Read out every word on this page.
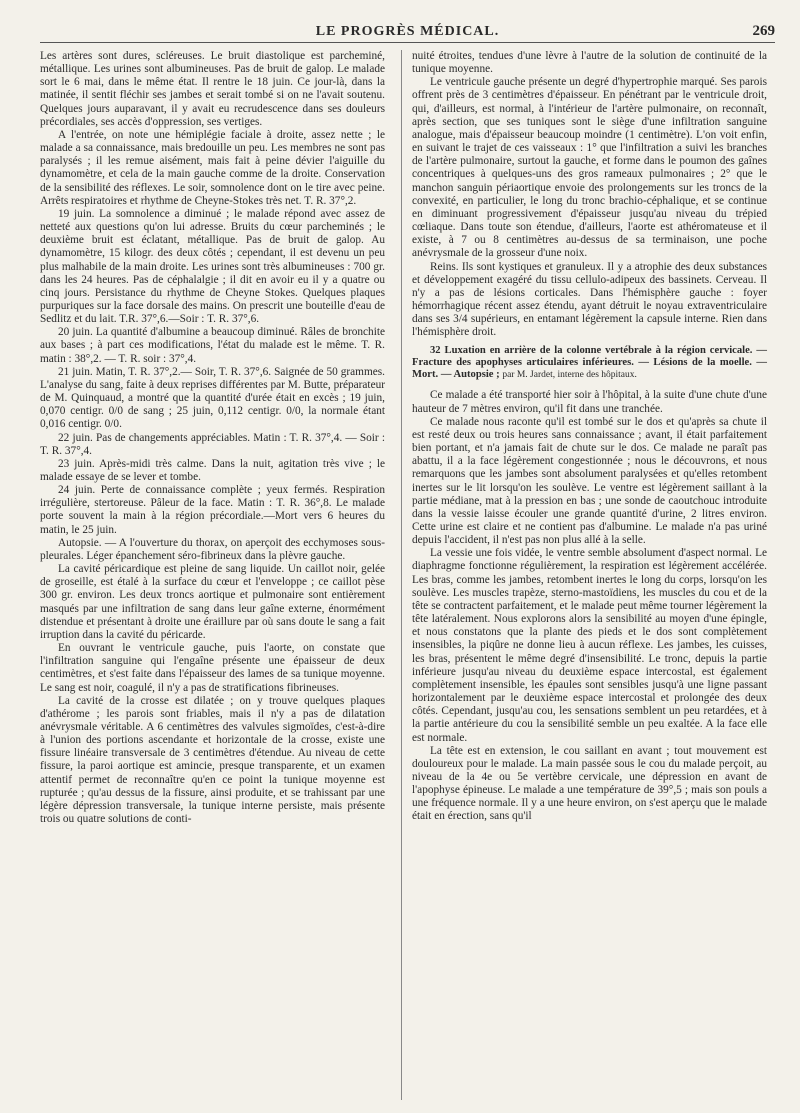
LE PROGRÈS MÉDICAL.	269

Les artères sont dures, scléreuses. Le bruit diastolique est parcheminé, métallique. Les urines sont albumineuses. Pas de bruit de galop. Le malade sort le 6 mai, dans le même état. Il rentre le 18 juin. Ce jour-là, dans la matinée, il sentit fléchir ses jambes et serait tombé si on ne l'avait soutenu. Quelques jours auparavant, il y avait eu recrudescence dans ses douleurs précordiales, ses accès d'oppression, ses vertiges.

A l'entrée, on note une hémiplégie faciale à droite, assez nette ; le malade a sa connaissance, mais bredouille un peu. Les membres ne sont pas paralysés ; il les remue aisément, mais fait à peine dévier l'aiguille du dynamomètre, et cela de la main gauche comme de la droite. Conservation de la sensibilité des réflexes. Le soir, somnolence dont on le tire avec peine. Arrêts respiratoires et rhythme de Cheyne-Stokes très net. T. R. 37°,2.

19 juin. La somnolence a diminué ; le malade répond avec assez de netteté aux questions qu'on lui adresse. Bruits du cœur parcheminés ; le deuxième bruit est éclatant, métallique. Pas de bruit de galop. Au dynamomètre, 15 kilogr. des deux côtés ; cependant, il est devenu un peu plus malhabile de la main droite. Les urines sont très albumineuses : 700 gr. dans les 24 heures. Pas de céphalalgie ; il dit en avoir eu il y a quatre ou cinq jours. Persistance du rhythme de Cheyne Stokes. Quelques plaques purpuriques sur la face dorsale des mains. On prescrit une bouteille d'eau de Sedlitz et du lait. T.R. 37°,6.—Soir : T. R. 37°,6.

20 juin. La quantité d'albumine a beaucoup diminué. Râles de bronchite aux bases ; à part ces modifications, l'état du malade est le même. T. R. matin : 38°,2. — T. R. soir : 37°,4.

21 juin. Matin, T. R. 37°,2.— Soir, T. R. 37°,6. Saignée de 50 grammes. L'analyse du sang, faite à deux reprises différentes par M. Butte, préparateur de M. Quinquaud, a montré que la quantité d'urée était en excès ; 19 juin, 0,070 centigr. 0/0 de sang ; 25 juin, 0,112 centigr. 0/0, la normale étant 0,016 centigr. 0/0.

22 juin. Pas de changements appréciables. Matin : T. R. 37°,4. — Soir : T. R. 37°,4.

23 juin. Après-midi très calme. Dans la nuit, agitation très vive ; le malade essaye de se lever et tombe.

24 juin. Perte de connaissance complète ; yeux fermés. Respiration irrégulière, stertoreuse. Pâleur de la face. Matin : T. R. 36°,8. Le malade porte souvent la main à la région précordiale.—Mort vers 6 heures du matin, le 25 juin.

Autopsie. — A l'ouverture du thorax, on aperçoit des ecchymoses sous-pleurales. Léger épanchement séro-fibrineux dans la plèvre gauche.

La cavité péricardique est pleine de sang liquide. Un caillot noir, gelée de groseille, est étalé à la surface du cœur et l'enveloppe ; ce caillot pèse 300 gr. environ. Les deux troncs aortique et pulmonaire sont entièrement masqués par une infiltration de sang dans leur gaîne externe, énormément distendue et présentant à droite une éraillure par où sans doute le sang a fait irruption dans la cavité du péricarde.

En ouvrant le ventricule gauche, puis l'aorte, on constate que l'infiltration sanguine qui l'engaîne présente une épaisseur de deux centimètres, et s'est faite dans l'épaisseur des lames de sa tunique moyenne. Le sang est noir, coagulé, il n'y a pas de stratifications fibrineuses.

La cavité de la crosse est dilatée ; on y trouve quelques plaques d'athérome ; les parois sont friables, mais il n'y a pas de dilatation anévrysmale véritable. A 6 centimètres des valvules sigmoïdes, c'est-à-dire à l'union des portions ascendante et horizontale de la crosse, existe une fissure linéaire transversale de 3 centimètres d'étendue. Au niveau de cette fissure, la paroi aortique est amincie, presque transparente, et un examen attentif permet de reconnaître qu'en ce point la tunique moyenne est rupturée ; qu'au dessus de la fissure, ainsi produite, et se trahissant par une légère dépression transversale, la tunique interne persiste, mais présente trois ou quatre solutions de conti-

nuité étroites, tendues d'une lèvre à l'autre de la solution de continuité de la tunique moyenne.

Le ventricule gauche présente un degré d'hypertrophie marqué. Ses parois offrent près de 3 centimètres d'épaisseur. En pénétrant par le ventricule droit, qui, d'ailleurs, est normal, à l'intérieur de l'artère pulmonaire, on reconnaît, après section, que ses tuniques sont le siège d'une infiltration sanguine analogue, mais d'épaisseur beaucoup moindre (1 centimètre). L'on voit enfin, en suivant le trajet de ces vaisseaux : 1° que l'infiltration a suivi les branches de l'artère pulmonaire, surtout la gauche, et forme dans le poumon des gaînes concentriques à quelques-uns des gros rameaux pulmonaires ; 2° que le manchon sanguin périaortique envoie des prolongements sur les troncs de la convexité, en particulier, le long du tronc brachio-céphalique, et se continue en diminuant progressivement d'épaisseur jusqu'au niveau du trépied cœliaque. Dans toute son étendue, d'ailleurs, l'aorte est athéromateuse et il existe, à 7 ou 8 centimètres au-dessus de sa terminaison, une poche anévrysmale de la grosseur d'une noix.

Reins. Ils sont kystiques et granuleux. Il y a atrophie des deux substances et développement exagéré du tissu cellulo-adipeux des bassinets. Cerveau. Il n'y a pas de lésions corticales. Dans l'hémisphère gauche : foyer hémorrhagique récent assez étendu, ayant détruit le noyau extraventriculaire dans ses 3/4 supérieurs, en entamant légèrement la capsule interne. Rien dans l'hémisphère droit.

32 Luxation en arrière de la colonne vertébrale à la région cervicale. — Fracture des apophyses articulaires inférieures. — Lésions de la moelle. —Mort. — Autopsie ; par M. Jardet, interne des hôpitaux.

Ce malade a été transporté hier soir à l'hôpital, à la suite d'une chute d'une hauteur de 7 mètres environ, qu'il fit dans une tranchée.

Ce malade nous raconte qu'il est tombé sur le dos et qu'après sa chute il est resté deux ou trois heures sans connaissance ; avant, il était parfaitement bien portant, et n'a jamais fait de chute sur le dos. Ce malade ne paraît pas abattu, il a la face légèrement congestionnée ; nous le découvrons, et nous remarquons que les jambes sont absolument paralysées et qu'elles retombent inertes sur le lit lorsqu'on les soulève. Le ventre est légèrement saillant à la partie médiane, mat à la pression en bas ; une sonde de caoutchouc introduite dans la vessie laisse écouler une grande quantité d'urine, 2 litres environ. Cette urine est claire et ne contient pas d'albumine. Le malade n'a pas uriné depuis l'accident, il n'est pas non plus allé à la selle.

La vessie une fois vidée, le ventre semble absolument d'aspect normal. Le diaphragme fonctionne régulièrement, la respiration est légèrement accélérée. Les bras, comme les jambes, retombent inertes le long du corps, lorsqu'on les soulève. Les muscles trapèze, sterno-mastoïdiens, les muscles du cou et de la tête se contractent parfaitement, et le malade peut même tourner légèrement la tête latéralement. Nous explorons alors la sensibilité au moyen d'une épingle, et nous constatons que la plante des pieds et le dos sont complètement insensibles, la piqûre ne donne lieu à aucun réflexe. Les jambes, les cuisses, les bras, présentent le même degré d'insensibilité. Le tronc, depuis la partie inférieure jusqu'au niveau du deuxième espace intercostal, est également complètement insensible, les épaules sont sensibles jusqu'à une ligne passant horizontalement par le deuxième espace intercostal et prolongée des deux côtés. Cependant, jusqu'au cou, les sensations semblent un peu retardées, et à la partie antérieure du cou la sensibilité semble un peu exaltée. A la face elle est normale.

La tête est en extension, le cou saillant en avant ; tout mouvement est douloureux pour le malade. La main passée sous le cou du malade perçoit, au niveau de la 4e ou 5e vertèbre cervicale, une dépression en avant de l'apophyse épineuse. Le malade a une température de 39°,5 ; mais son pouls a une fréquence normale. Il y a une heure environ, on s'est aperçu que le malade était en érection, sans qu'il
